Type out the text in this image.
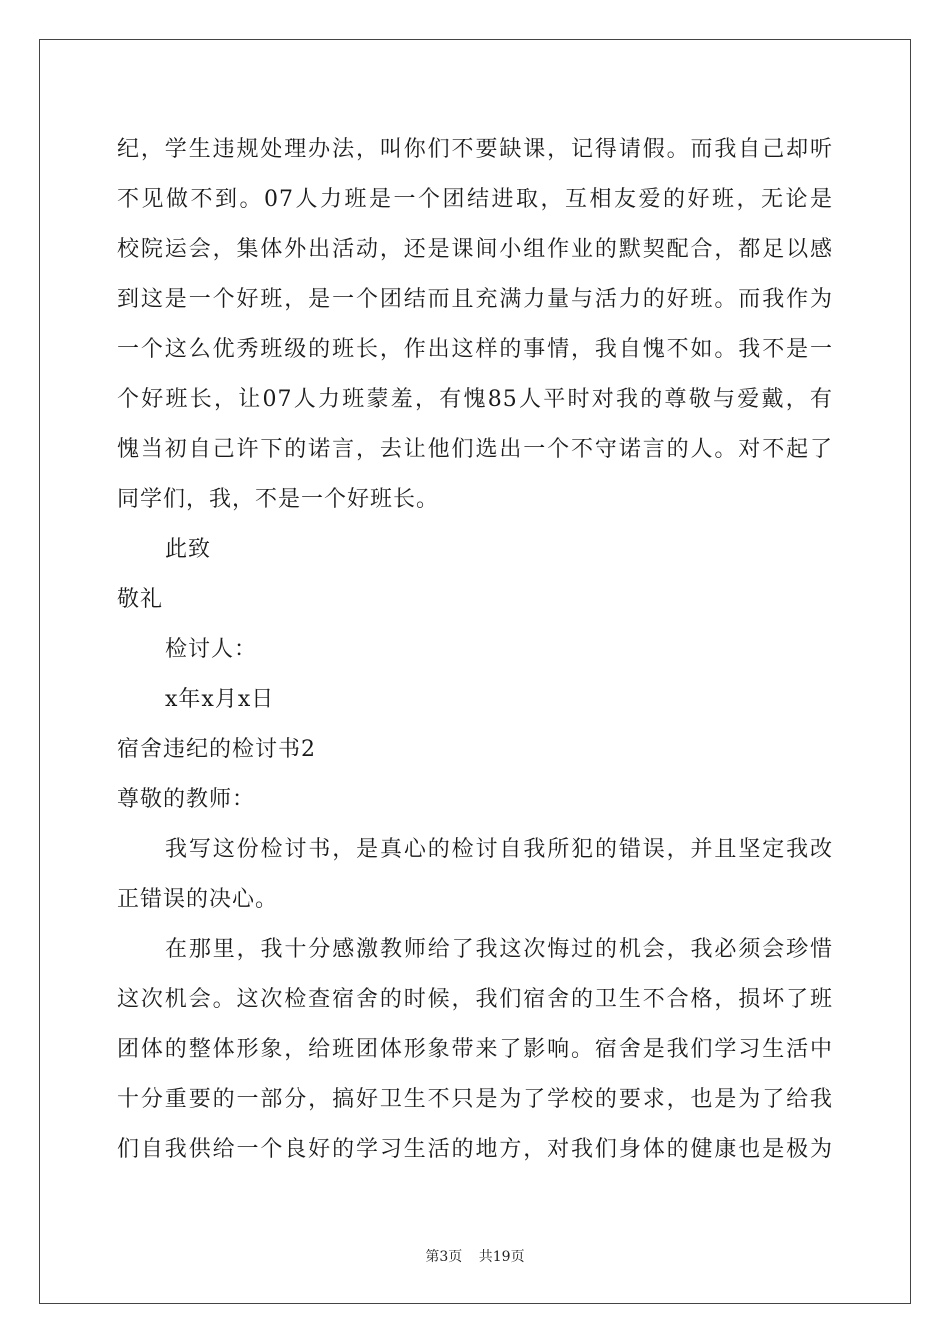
纪，学生违规处理办法，叫你们不要缺课，记得请假。而我自己却听
不见做不到。07人力班是一个团结进取，互相友爱的好班，无论是
校院运会，集体外出活动，还是课间小组作业的默契配合，都足以感
到这是一个好班，是一个团结而且充满力量与活力的好班。而我作为
一个这么优秀班级的班长，作出这样的事情，我自愧不如。我不是一
个好班长，让07人力班蒙羞，有愧85人平时对我的尊敬与爱戴，有
愧当初自己许下的诺言，去让他们选出一个不守诺言的人。对不起了
同学们，我，不是一个好班长。
此致
敬礼
检讨人：
x年x月x日
宿舍违纪的检讨书2
尊敬的教师：
我写这份检讨书，是真心的检讨自我所犯的错误，并且坚定我改
正错误的决心。
在那里，我十分感激教师给了我这次悔过的机会，我必须会珍惜
这次机会。这次检查宿舍的时候，我们宿舍的卫生不合格，损坏了班
团体的整体形象，给班团体形象带来了影响。宿舍是我们学习生活中
十分重要的一部分，搞好卫生不只是为了学校的要求，也是为了给我
们自我供给一个良好的学习生活的地方，对我们身体的健康也是极为
第3页 共19页
